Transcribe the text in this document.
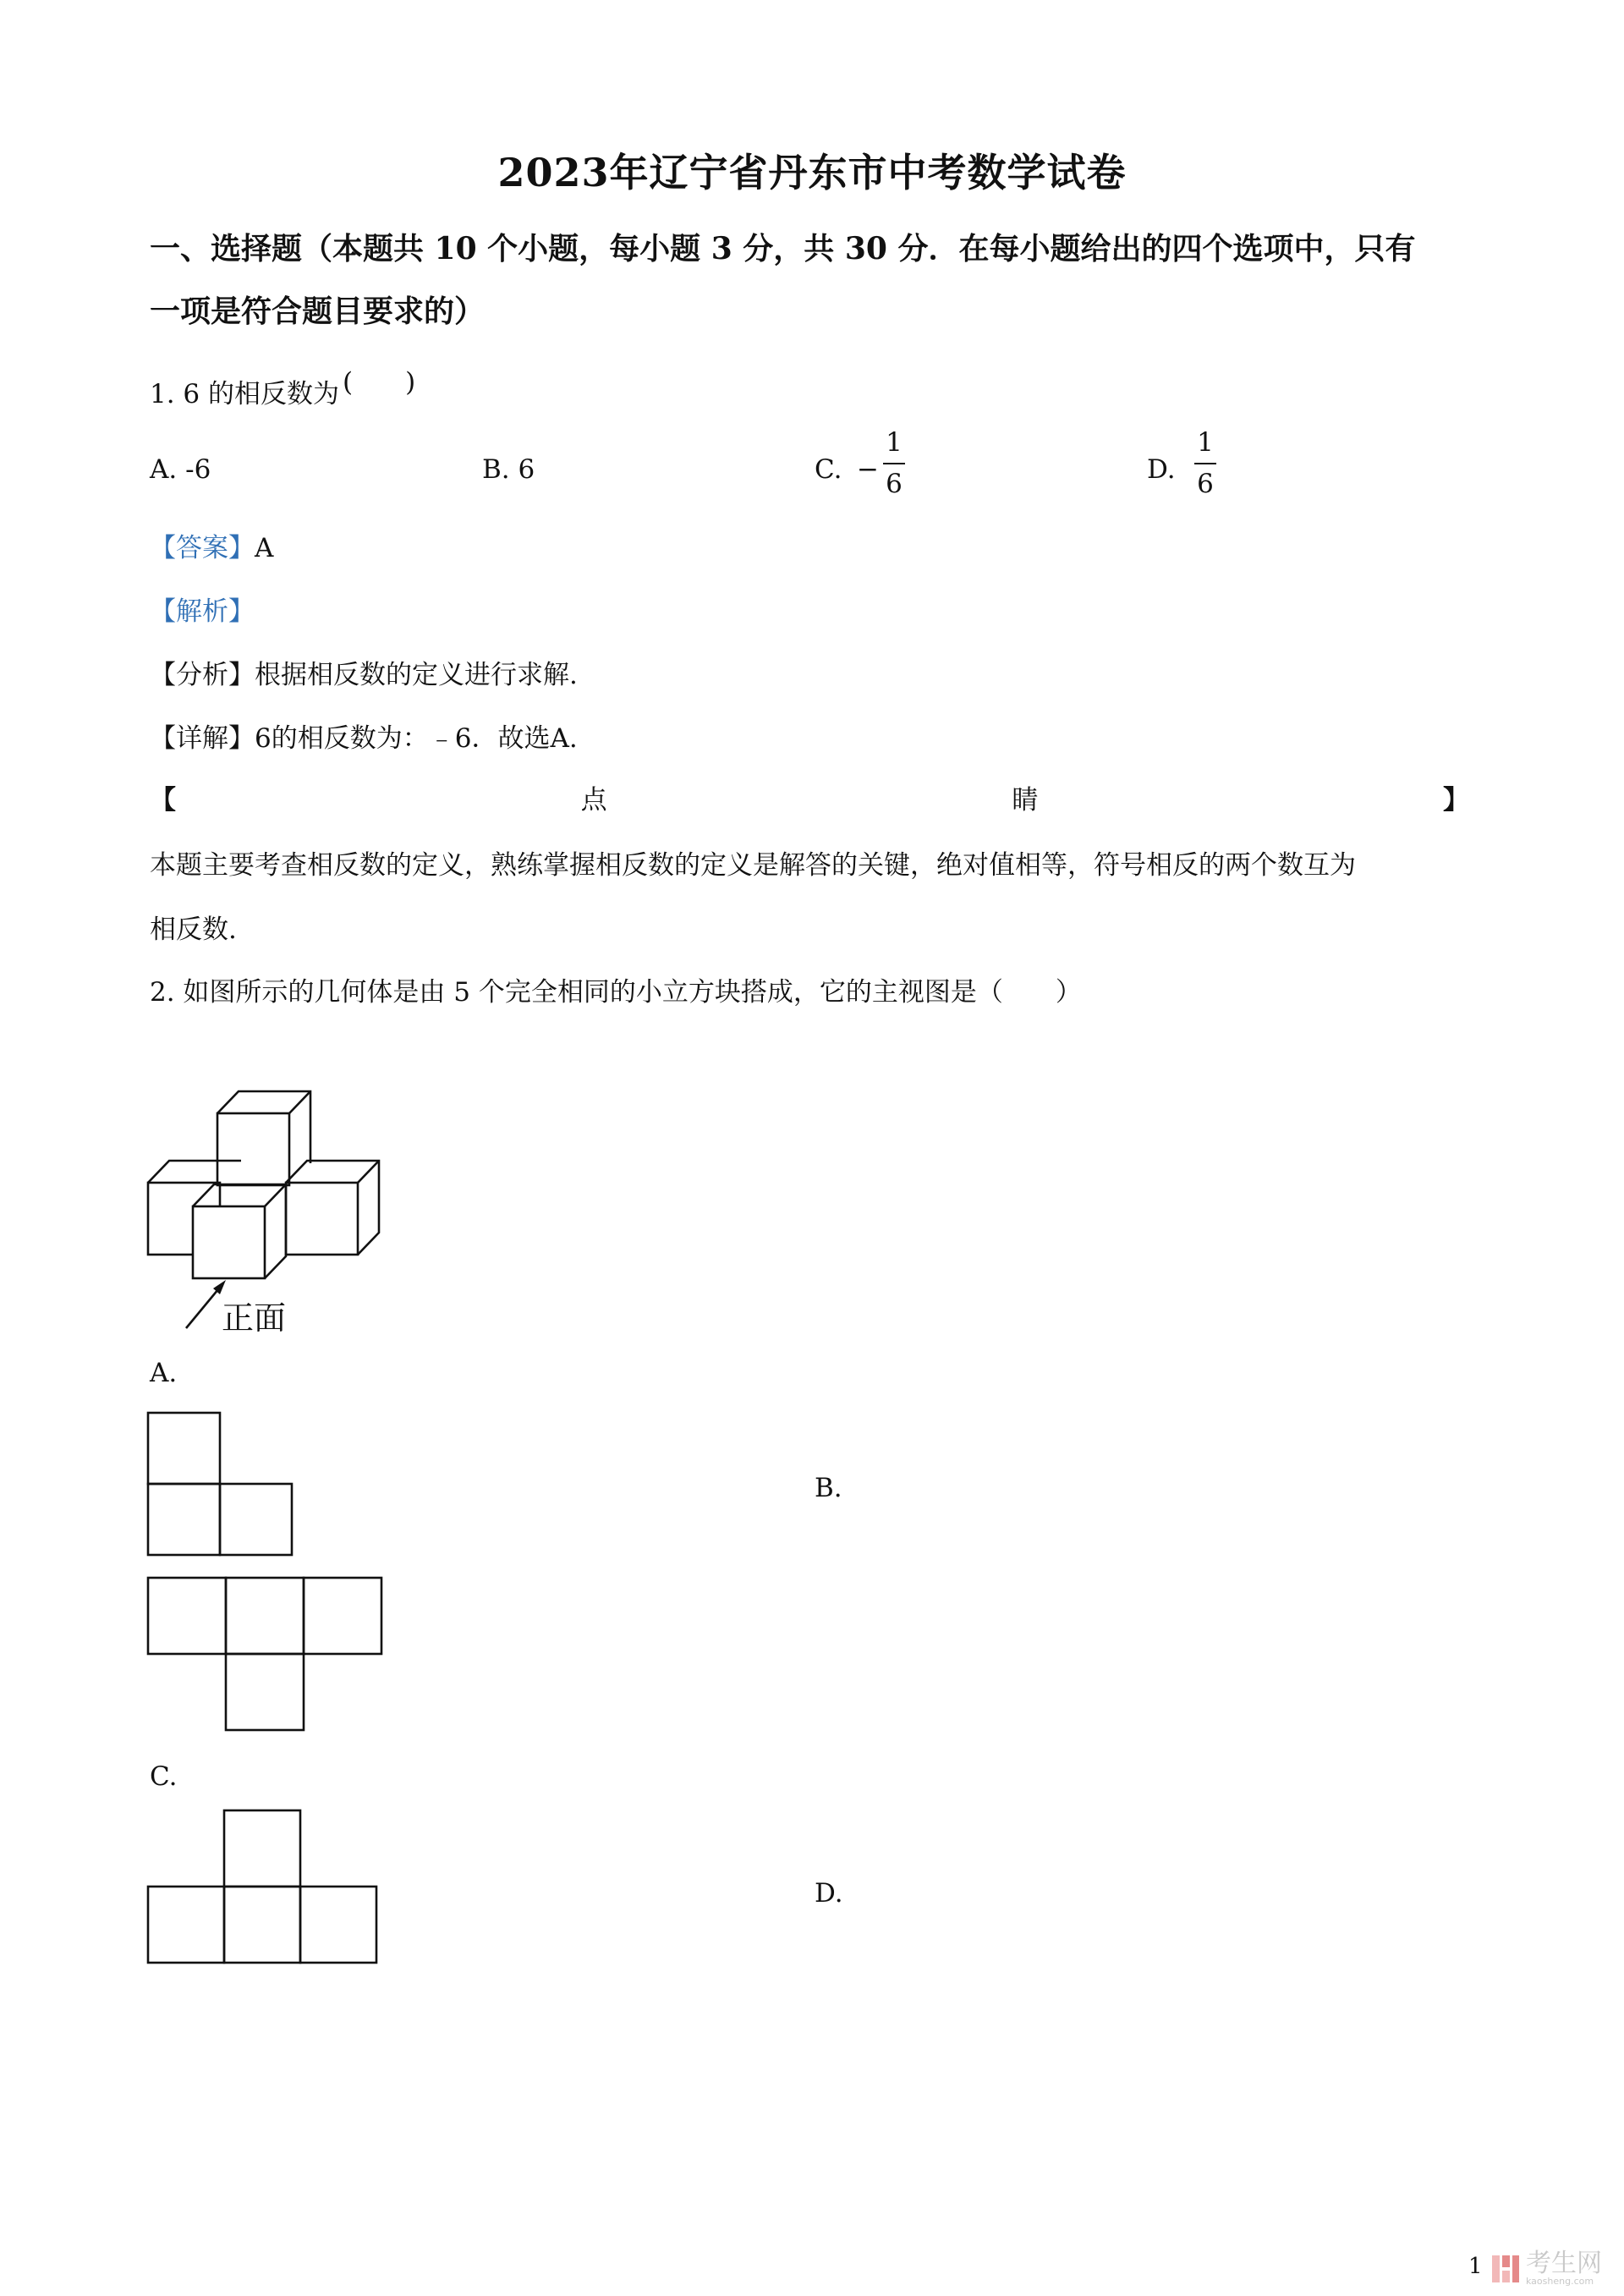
2023年辽宁省丹东市中考数学试卷
一、选择题（本题共 10 个小题，每小题 3 分，共 30 分．在每小题给出的四个选项中，只有
一项是符合题目要求的）
1. 6 的相反数为 (　　)
A. -6	B. 6	C. −
1
6	D.
1
6
【答案】A
【解析】
【分析】根据相反数的定义进行求解.
【详解】6的相反数为：﹣6．故选A.
【	点	睛	】
本题主要考查相反数的定义，熟练掌握相反数的定义是解答的关键，绝对值相等，符号相反的两个数互为
相反数.
2. 如图所示的几何体是由 5 个完全相同的小立方块搭成，它的主视图是（　　）
正面
A.
B.
C.
D.
1 考生网
kaosheng.com
